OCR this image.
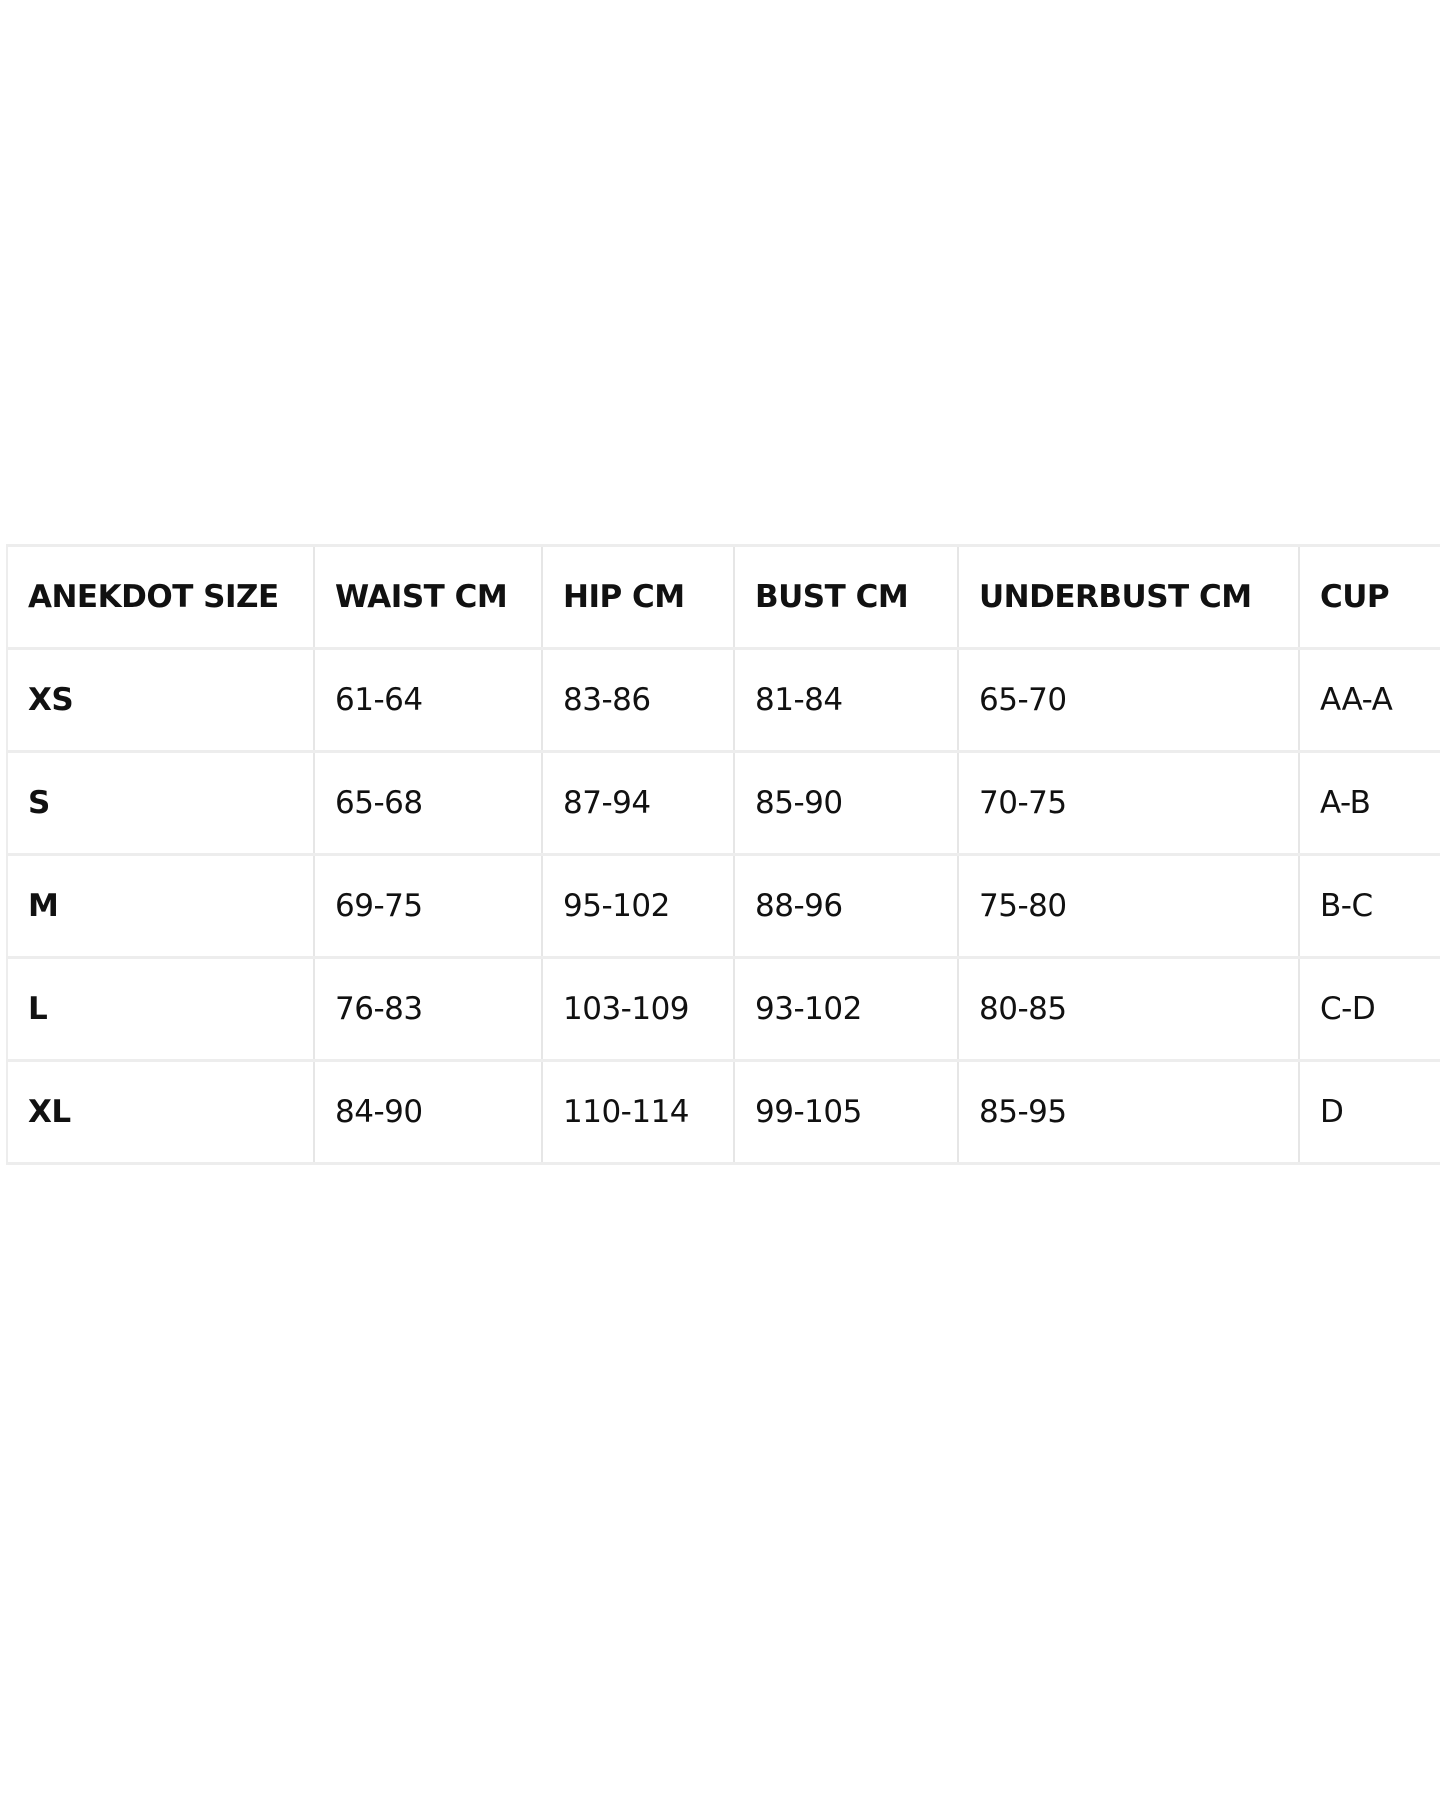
ANEKDOT SIZE	WAIST CM	HIP CM	BUST CM	UNDERBUST CM	CUP
XS	61-64	83-86	81-84	65-70	AA-A
S	65-68	87-94	85-90	70-75	A-B
M	69-75	95-102	88-96	75-80	B-C
L	76-83	103-109	93-102	80-85	C-D
XL	84-90	110-114	99-105	85-95	D
